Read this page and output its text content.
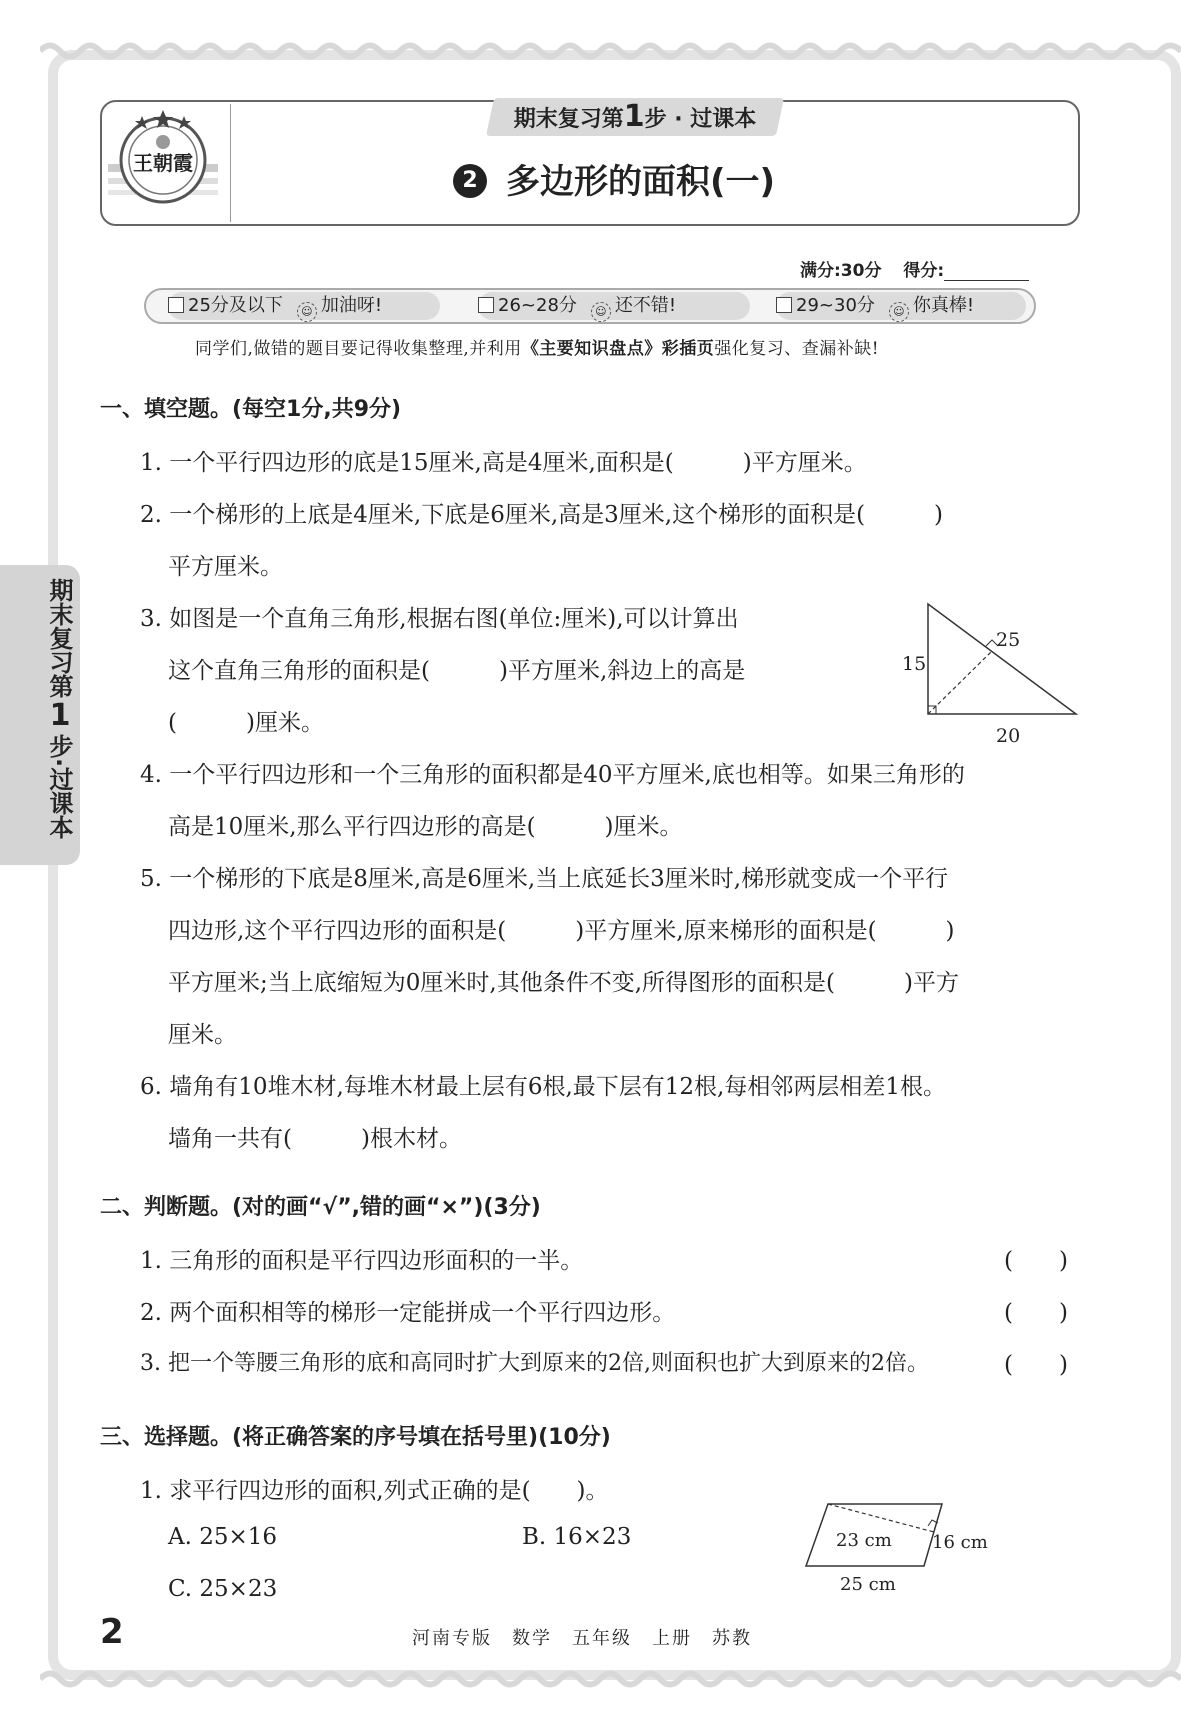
王朝霞
期末复习第1步 · 过课本
2 多边形的面积(一)
满分:30分 得分:
25分及以下 ☺ 加油呀!	26~28分 ☺ 还不错!	29~30分 ☺ 你真棒!
同学们,做错的题目要记得收集整理,并利用《主要知识盘点》彩插页强化复习、查漏补缺!
期末复习第
1
步·过课本
一、填空题。(每空1分,共9分)
1. 一个平行四边形的底是15厘米,高是4厘米,面积是(　　　)平方厘米。
2. 一个梯形的上底是4厘米,下底是6厘米,高是3厘米,这个梯形的面积是(　　　)
平方厘米。
3. 如图是一个直角三角形,根据右图(单位:厘米),可以计算出
这个直角三角形的面积是(　　　)平方厘米,斜边上的高是
(　　　)厘米。
15
20
25
4. 一个平行四边形和一个三角形的面积都是40平方厘米,底也相等。如果三角形的
高是10厘米,那么平行四边形的高是(　　　)厘米。
5. 一个梯形的下底是8厘米,高是6厘米,当上底延长3厘米时,梯形就变成一个平行
四边形,这个平行四边形的面积是(　　　)平方厘米,原来梯形的面积是(　　　)
平方厘米;当上底缩短为0厘米时,其他条件不变,所得图形的面积是(　　　)平方
厘米。
6. 墙角有10堆木材,每堆木材最上层有6根,最下层有12根,每相邻两层相差1根。
墙角一共有(　　　)根木材。
二、判断题。(对的画“√”,错的画“×”)(3分)
1. 三角形的面积是平行四边形面积的一半。	(　　)
2. 两个面积相等的梯形一定能拼成一个平行四边形。	(　　)
3. 把一个等腰三角形的底和高同时扩大到原来的2倍,则面积也扩大到原来的2倍。	(　　)
三、选择题。(将正确答案的序号填在括号里)(10分)
1. 求平行四边形的面积,列式正确的是(　　)。
A. 25×16	B. 16×23
C. 25×23
23 cm 16 cm
25 cm
2	河南专版　数学　五年级　上册　苏教
